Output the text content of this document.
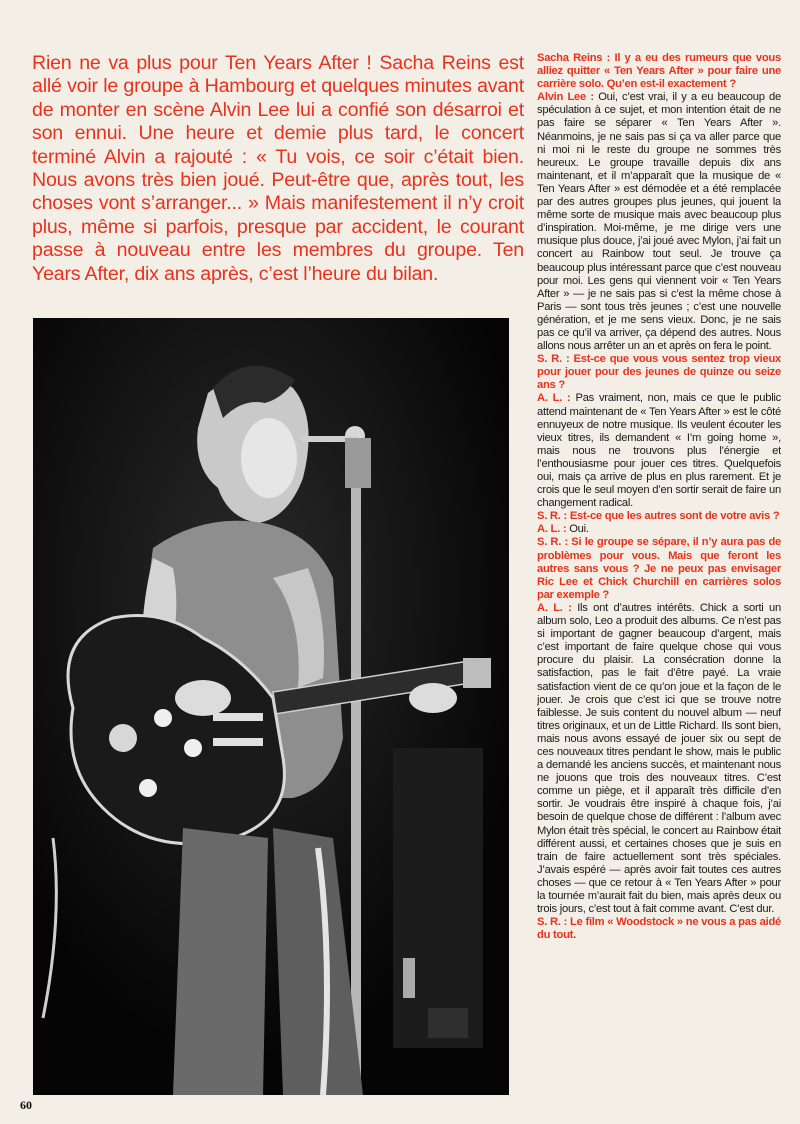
Rien ne va plus pour Ten Years After ! Sacha Reins est allé voir le groupe à Hambourg et quelques minutes avant de monter en scène Alvin Lee lui a confié son désarroi et son ennui. Une heure et demie plus tard, le concert terminé Alvin a rajouté : « Tu vois, ce soir c’était bien. Nous avons très bien joué. Peut-être que, après tout, les choses vont s’arranger... » Mais manifestement il n’y croit plus, même si parfois, presque par accident, le courant passe à nouveau entre les membres du groupe. Ten Years After, dix ans après, c’est l’heure du bilan.

Sacha Reins : Il y a eu des rumeurs que vous alliez quitter « Ten Years After » pour faire une carrière solo. Qu’en est-il exactement ?

Alvin Lee : Oui, c’est vrai, il y a eu beaucoup de spéculation à ce sujet, et mon intention était de ne pas faire se séparer « Ten Years After ». Néanmoins, je ne sais pas si ça va aller parce que ni moi ni le reste du groupe ne sommes très heureux. Le groupe travaille depuis dix ans maintenant, et il m’apparaît que la musique de « Ten Years After » est démodée et a été remplacée par des autres groupes plus jeunes, qui jouent la même sorte de musique mais avec beaucoup plus d’inspiration. Moi-même, je me dirige vers une musique plus douce, j’ai joué avec Mylon, j’ai fait un concert au Rainbow tout seul. Je trouve ça beaucoup plus intéressant parce que c’est nouveau pour moi. Les gens qui viennent voir « Ten Years After » — je ne sais pas si c’est la même chose à Paris — sont tous très jeunes ; c’est une nouvelle génération, et je me sens vieux. Donc, je ne sais pas ce qu’il va arriver, ça dépend des autres. Nous allons nous arrêter un an et après on fera le point.

S. R. : Est-ce que vous vous sentez trop vieux pour jouer pour des jeunes de quinze ou seize ans ?

A. L. : Pas vraiment, non, mais ce que le public attend maintenant de « Ten Years After » est le côté ennuyeux de notre musique. Ils veulent écouter les vieux titres, ils demandent « I’m going home », mais nous ne trouvons plus l’énergie et l’enthousiasme pour jouer ces titres. Quelquefois oui, mais ça arrive de plus en plus rarement. Et je crois que le seul moyen d’en sortir serait de faire un changement radical.

S. R. : Est-ce que les autres sont de votre avis ?

A. L. : Oui.

S. R. : Si le groupe se sépare, il n’y aura pas de problèmes pour vous. Mais que feront les autres sans vous ? Je ne peux pas envisager Ric Lee et Chick Churchill en carrières solos par exemple ?

A. L. : Ils ont d’autres intérêts. Chick a sorti un album solo, Leo a produit des albums. Ce n’est pas si important de gagner beaucoup d’argent, mais c’est important de faire quelque chose qui vous procure du plaisir. La consécration donne la satisfaction, pas le fait d’être payé. La vraie satisfaction vient de ce qu’on joue et la façon de le jouer. Je crois que c’est ici que se trouve notre faiblesse. Je suis content du nouvel album — neuf titres originaux, et un de Little Richard. Ils sont bien, mais nous avons essayé de jouer six ou sept de ces nouveaux titres pendant le show, mais le public a demandé les anciens succès, et maintenant nous ne jouons que trois des nouveaux titres. C’est comme un piège, et il apparaît très difficile d’en sortir. Je voudrais être inspiré à chaque fois, j’ai besoin de quelque chose de différent : l’album avec Mylon était très spécial, le concert au Rainbow était différent aussi, et certaines choses que je suis en train de faire actuellement sont très spéciales. J’avais espéré — après avoir fait toutes ces autres choses — que ce retour à « Ten Years After » pour la tournée m’aurait fait du bien, mais après deux ou trois jours, c’est tout à fait comme avant. C’est dur.

S. R. : Le film « Woodstock » ne vous a pas aidé du tout.

60
